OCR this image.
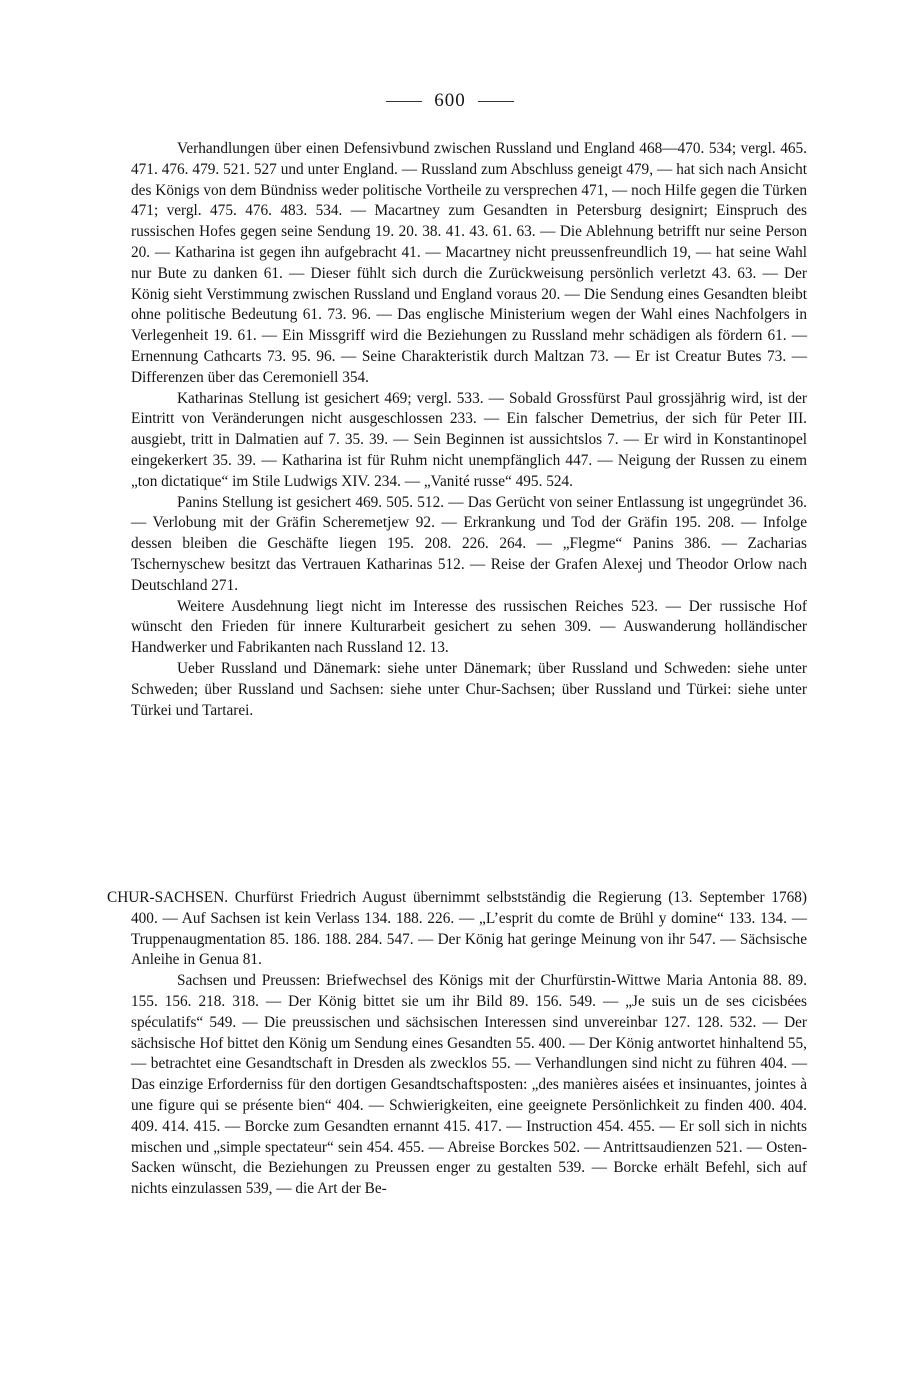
600

Verhandlungen über einen Defensivbund zwischen Russland und England 468—470. 534; vergl. 465. 471. 476. 479. 521. 527 und unter England. — Russland zum Abschluss geneigt 479, — hat sich nach Ansicht des Königs von dem Bündniss weder politische Vortheile zu versprechen 471, — noch Hilfe gegen die Türken 471; vergl. 475. 476. 483. 534. — Macartney zum Gesandten in Petersburg designirt; Einspruch des russischen Hofes gegen seine Sendung 19. 20. 38. 41. 43. 61. 63. — Die Ablehnung betrifft nur seine Person 20. — Katharina ist gegen ihn aufgebracht 41. — Macartney nicht preussenfreundlich 19, — hat seine Wahl nur Bute zu danken 61. — Dieser fühlt sich durch die Zurückweisung persönlich verletzt 43. 63. — Der König sieht Verstimmung zwischen Russland und England voraus 20. — Die Sendung eines Gesandten bleibt ohne politische Bedeutung 61. 73. 96. — Das englische Ministerium wegen der Wahl eines Nachfolgers in Verlegenheit 19. 61. — Ein Missgriff wird die Beziehungen zu Russland mehr schädigen als fördern 61. — Ernennung Cathcarts 73. 95. 96. — Seine Charakteristik durch Maltzan 73. — Er ist Creatur Butes 73. — Differenzen über das Ceremoniell 354.

Katharinas Stellung ist gesichert 469; vergl. 533. — Sobald Grossfürst Paul grossjährig wird, ist der Eintritt von Veränderungen nicht ausgeschlossen 233. — Ein falscher Demetrius, der sich für Peter III. ausgiebt, tritt in Dalmatien auf 7. 35. 39. — Sein Beginnen ist aussichtslos 7. — Er wird in Konstantinopel eingekerkert 35. 39. — Katharina ist für Ruhm nicht unempfänglich 447. — Neigung der Russen zu einem „ton dictatique“ im Stile Ludwigs XIV. 234. — „Vanité russe“ 495. 524.

Panins Stellung ist gesichert 469. 505. 512. — Das Gerücht von seiner Entlassung ist ungegründet 36. — Verlobung mit der Gräfin Scheremetjew 92. — Erkrankung und Tod der Gräfin 195. 208. — Infolge dessen bleiben die Geschäfte liegen 195. 208. 226. 264. — „Flegme“ Panins 386. — Zacharias Tschernyschew besitzt das Vertrauen Katharinas 512. — Reise der Grafen Alexej und Theodor Orlow nach Deutschland 271.

Weitere Ausdehnung liegt nicht im Interesse des russischen Reiches 523. — Der russische Hof wünscht den Frieden für innere Kulturarbeit gesichert zu sehen 309. — Auswanderung holländischer Handwerker und Fabrikanten nach Russland 12. 13.

Ueber Russland und Dänemark: siehe unter Dänemark; über Russland und Schweden: siehe unter Schweden; über Russland und Sachsen: siehe unter Chur-Sachsen; über Russland und Türkei: siehe unter Türkei und Tartarei.

CHUR-SACHSEN. Churfürst Friedrich August übernimmt selbstständig die Regierung (13. September 1768) 400. — Auf Sachsen ist kein Verlass 134. 188. 226. — „L’esprit du comte de Brühl y domine“ 133. 134. — Truppenaugmentation 85. 186. 188. 284. 547. — Der König hat geringe Meinung von ihr 547. — Sächsische Anleihe in Genua 81.

Sachsen und Preussen: Briefwechsel des Königs mit der Churfürstin-Wittwe Maria Antonia 88. 89. 155. 156. 218. 318. — Der König bittet sie um ihr Bild 89. 156. 549. — „Je suis un de ses cicisbées spéculatifs“ 549. — Die preussischen und sächsischen Interessen sind unvereinbar 127. 128. 532. — Der sächsische Hof bittet den König um Sendung eines Gesandten 55. 400. — Der König antwortet hinhaltend 55, — betrachtet eine Gesandtschaft in Dresden als zwecklos 55. — Verhandlungen sind nicht zu führen 404. — Das einzige Erforderniss für den dortigen Gesandtschaftsposten: „des manières aisées et insinuantes, jointes à une figure qui se présente bien“ 404. — Schwierigkeiten, eine geeignete Persönlichkeit zu finden 400. 404. 409. 414. 415. — Borcke zum Gesandten ernannt 415. 417. — Instruction 454. 455. — Er soll sich in nichts mischen und „simple spectateur“ sein 454. 455. — Abreise Borckes 502. — Antrittsaudienzen 521. — Osten-Sacken wünscht, die Beziehungen zu Preussen enger zu gestalten 539. — Borcke erhält Befehl, sich auf nichts einzulassen 539, — die Art der Be-
